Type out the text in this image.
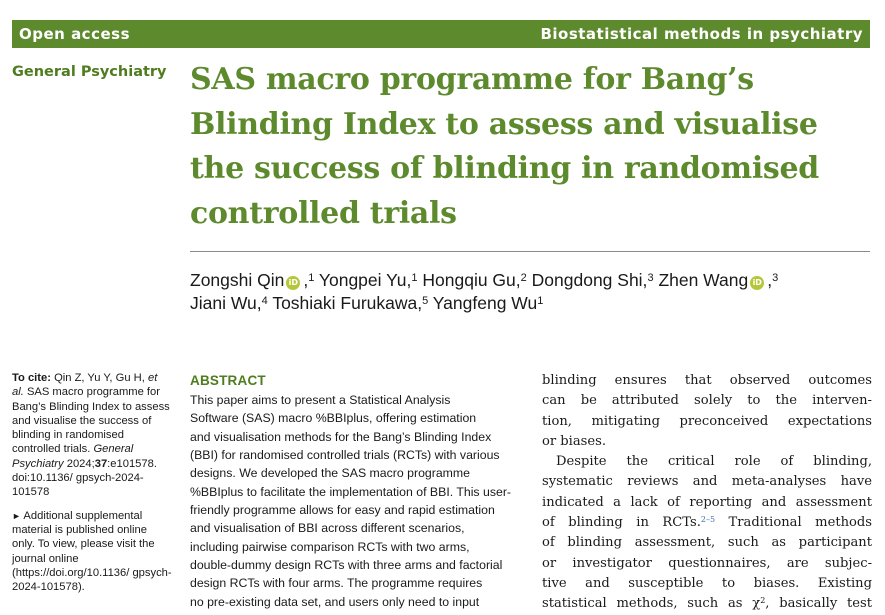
Open access	Biostatistical methods in psychiatry
General Psychiatry SAS macro programme for Bang’s
Blinding Index to assess and visualise
the success of blinding in randomised
controlled trials
Zongshi Qin iD ,$^1$ Yongpei Yu,$^1$ Hongqiu Gu,$^2$ Dongdong Shi,$^3$ Zhen Wang iD ,$^3$
Jiani Wu,$^4$ Toshiaki Furukawa,$^5$ Yangfeng Wu$^1$

To cite: Qin Z, Yu Y, Gu H, et al. SAS macro programme for Bang’s Blinding Index to assess and visualise the success of blinding in randomised controlled trials. General Psychiatry 2024;37:e101578. doi:10.1136/ gpsych-2024-101578

► Additional supplemental material is published online only. To view, please visit the journal online (https://doi.org/10.1136/ gpsych-2024-101578).

ABSTRACT
This paper aims to present a Statistical Analysis
Software (SAS) macro %BBIplus, offering estimation
and visualisation methods for the Bang’s Blinding Index
(BBI) for randomised controlled trials (RCTs) with various
designs. We developed the SAS macro programme
%BBIplus to facilitate the implementation of BBI. This user-
friendly programme allows for easy and rapid estimation
and visualisation of BBI across different scenarios,
including pairwise comparison RCTs with two arms,
double-dummy design RCTs with three arms and factorial
design RCTs with four arms. The programme requires
no pre-existing data set, and users only need to input
blinding ensures that observed outcomes
can be attributed solely to the interven-
tion, mitigating preconceived expectations
or biases.
Despite the critical role of blinding,
systematic reviews and meta-analyses have
indicated a lack of reporting and assessment
of blinding in RCTs.$^{2-5}$ Traditional methods
of blinding assessment, such as participant
or investigator questionnaires, are subjec-
tive and susceptible to biases. Existing
statistical methods, such as $\chi^2$, basically test
